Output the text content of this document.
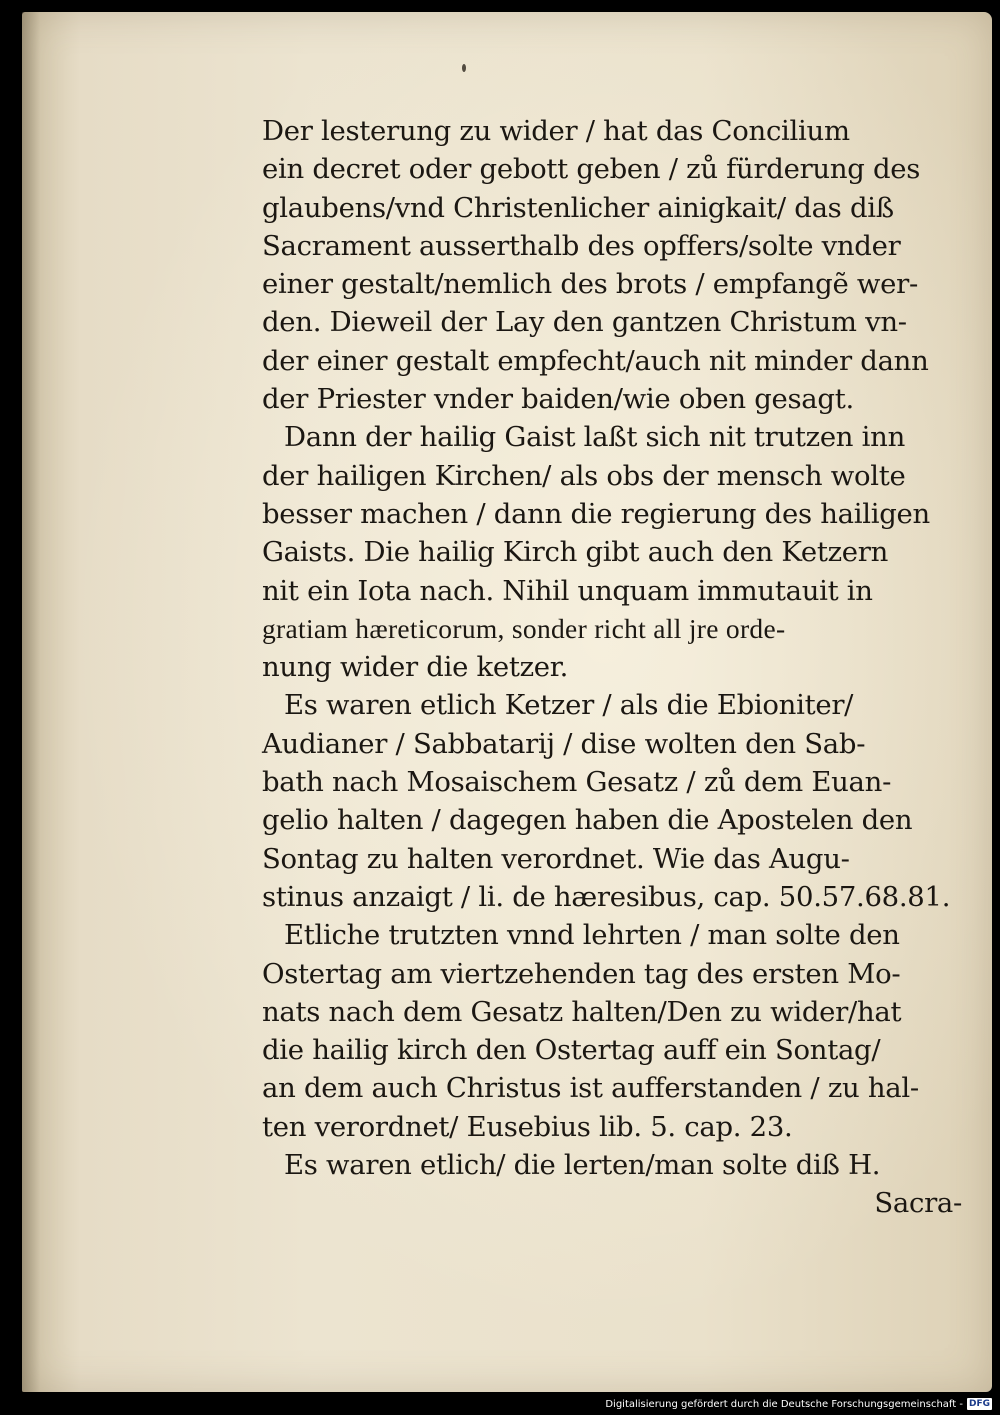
Der lesterung zu wider / hat das Concilium
ein decret oder gebott geben / zů fürderung des
glaubens/vnd Christenlicher ainigkait/ das diß
Sacrament ausserthalb des opffers/solte vnder
einer gestalt/nemlich des brots / empfangẽ wer-
den. Dieweil der Lay den gantzen Christum vn-
der einer gestalt empfecht/auch nit minder dann
der Priester vnder baiden/wie oben gesagt.
Dann der hailig Gaist laßt sich nit trutzen inn
der hailigen Kirchen/ als obs der mensch wolte
besser machen / dann die regierung des hailigen
Gaists. Die hailig Kirch gibt auch den Ketzern
nit ein Iota nach. Nihil unquam immutauit in
gratiam hæreticorum, sonder richt all jre orde-
nung wider die ketzer.
Es waren etlich Ketzer / als die Ebioniter/
Audianer / Sabbatarij / dise wolten den Sab-
bath nach Mosaischem Gesatz / zů dem Euan-
gelio halten / dagegen haben die Apostelen den
Sontag zu halten verordnet. Wie das Augu-
stinus anzaigt / li. de hæresibus, cap. 50.57.68.81.
Etliche trutzten vnnd lehrten / man solte den
Ostertag am viertzehenden tag des ersten Mo-
nats nach dem Gesatz halten/Den zu wider/hat
die hailig kirch den Ostertag auff ein Sontag/
an dem auch Christus ist aufferstanden / zu hal-
ten verordnet/ Eusebius lib. 5. cap. 23.
Es waren etlich/ die lerten/man solte diß H.
Sacra-
Digitalisierung gefördert durch die Deutsche Forschungsgemeinschaft - DFG
